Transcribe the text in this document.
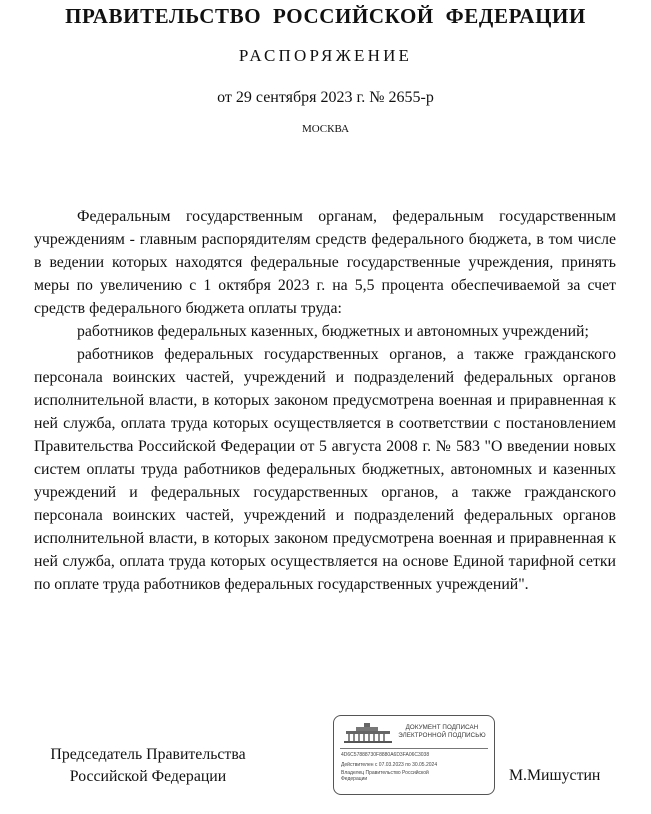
ПРАВИТЕЛЬСТВО РОССИЙСКОЙ ФЕДЕРАЦИИ
РАСПОРЯЖЕНИЕ
от 29 сентября 2023 г. № 2655-р
МОСКВА

Федеральным государственным органам, федеральным государственным учреждениям - главным распорядителям средств федерального бюджета, в том числе в ведении которых находятся федеральные государственные учреждения, принять меры по увеличению с 1 октября 2023 г. на 5,5 процента обеспечиваемой за счет средств федерального бюджета оплаты труда:

работников федеральных казенных, бюджетных и автономных учреждений;

работников федеральных государственных органов, а также гражданского персонала воинских частей, учреждений и подразделений федеральных органов исполнительной власти, в которых законом предусмотрена военная и приравненная к ней служба, оплата труда которых осуществляется в соответствии с постановлением Правительства Российской Федерации от 5 августа 2008 г. № 583 "О введении новых систем оплаты труда работников федеральных бюджетных, автономных и казенных учреждений и федеральных государственных органов, а также гражданского персонала воинских частей, учреждений и подразделений федеральных органов исполнительной власти, в которых законом предусмотрена военная и приравненная к ней служба, оплата труда которых осуществляется на основе Единой тарифной сетки по оплате труда работников федеральных государственных учреждений".

Председатель Правительства
Российской Федерации
ДОКУМЕНТ ПОДПИСАН
ЭЛЕКТРОННОЙ ПОДПИСЬЮ
4D6C57888730F8880A6D3FA06C3038
Действителен с 07.03.2023 по 30.05.2024
Владелец Правительство Российской
Федерации	М.Мишустин
